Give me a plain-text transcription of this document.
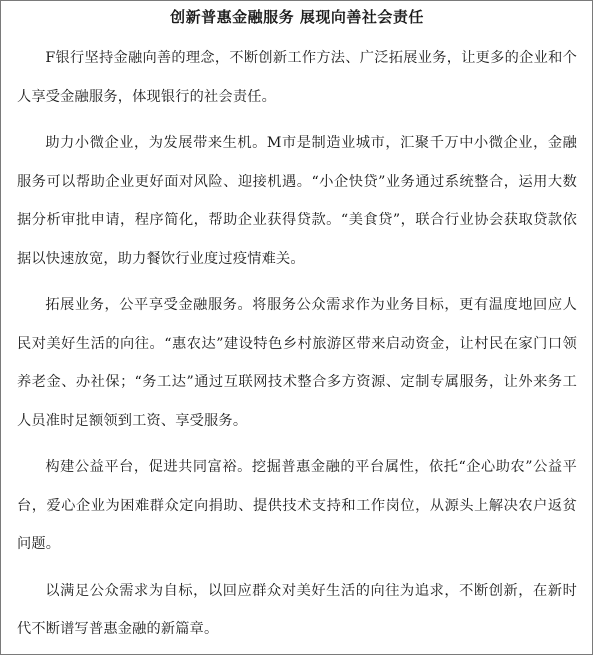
创新普惠金融服务 展现向善社会责任

F银行坚持金融向善的理念，不断创新工作方法、广泛拓展业务，让更多的企业和个人享受金融服务，体现银行的社会责任。

助力小微企业，为发展带来生机。M市是制造业城市，汇聚千万中小微企业，金融服务可以帮助企业更好面对风险、迎接机遇。“小企快贷”业务通过系统整合，运用大数据分析审批申请，程序简化，帮助企业获得贷款。“美食贷”，联合行业协会获取贷款依据以快速放宽，助力餐饮行业度过疫情难关。

拓展业务，公平享受金融服务。将服务公众需求作为业务目标，更有温度地回应人民对美好生活的向往。“惠农达”建设特色乡村旅游区带来启动资金，让村民在家门口领养老金、办社保；“务工达”通过互联网技术整合多方资源、定制专属服务，让外来务工人员准时足额领到工资、享受服务。

构建公益平台，促进共同富裕。挖掘普惠金融的平台属性，依托“企心助农”公益平台，爱心企业为困难群众定向捐助、提供技术支持和工作岗位，从源头上解决农户返贫问题。

以满足公众需求为自标，以回应群众对美好生活的向往为追求，不断创新，在新时代不断谱写普惠金融的新篇章。
